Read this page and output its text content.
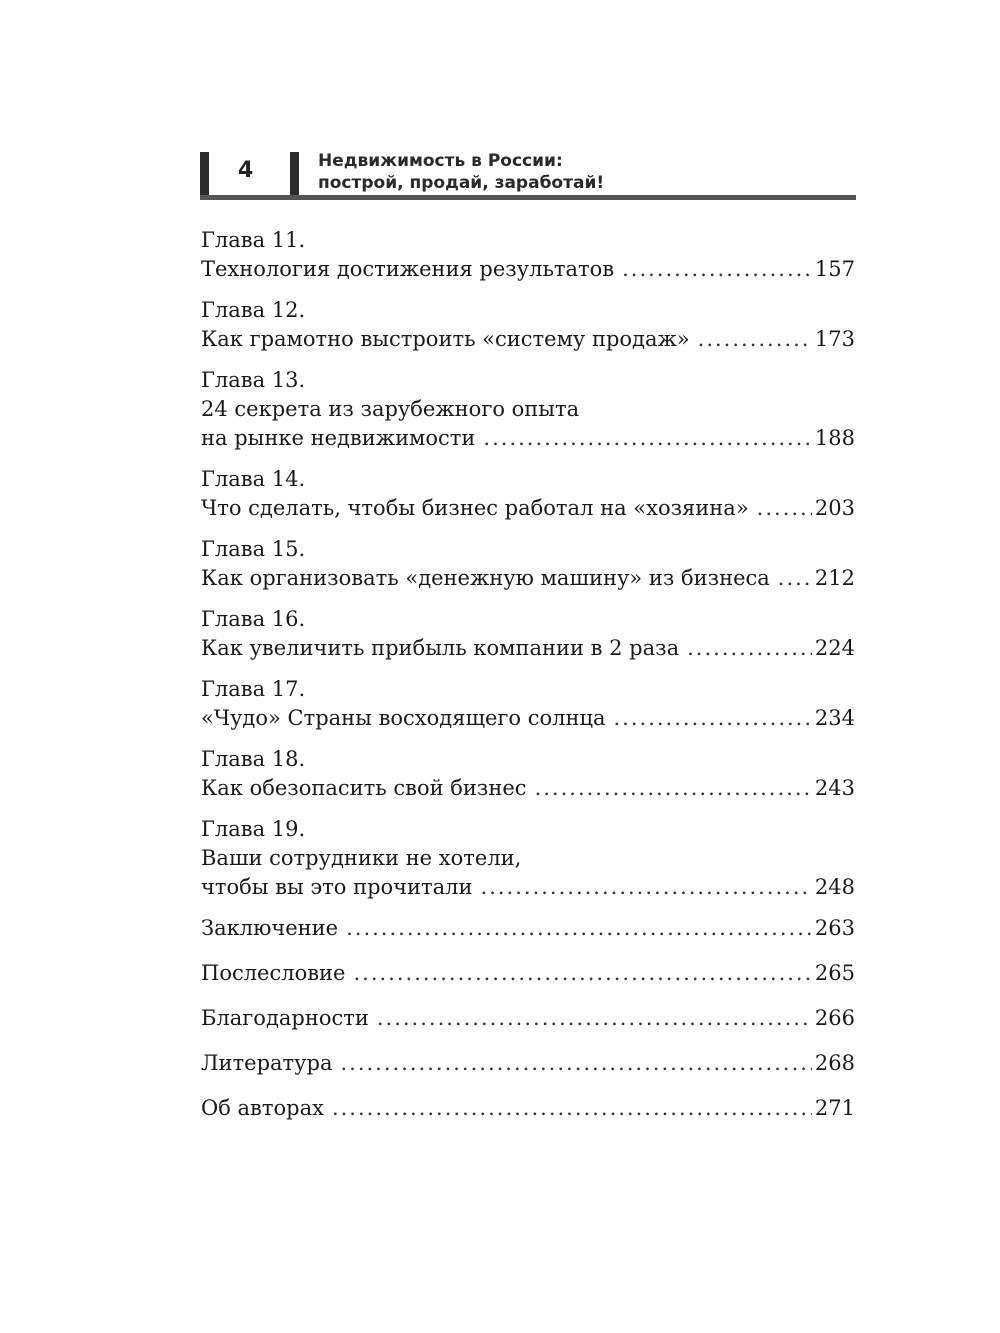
4	Недвижимость в России:
построй, продай, заработай!
Глава 11.
Технология достижения результатов .....	157
Глава 12.
Как грамотно выстроить «систему продаж» .....	173
Глава 13.
24 секрета из зарубежного опыта
на рынке недвижимости .....	188
Глава 14.
Что сделать, чтобы бизнес работал на «хозяина» .....	203
Глава 15.
Как организовать «денежную машину» из бизнеса ..... 212
Глава 16.
Как увеличить прибыль компании в 2 раза .....	224
Глава 17.
«Чудо» Страны восходящего солнца .....	234
Глава 18.
Как обезопасить свой бизнес .....	243
Глава 19.
Ваши сотрудники не хотели,
чтобы вы это прочитали .....	248
Заключение .....	263
Послесловие .....	265
Благодарности .....	266
Литература .....	268
Об авторах .....	271
